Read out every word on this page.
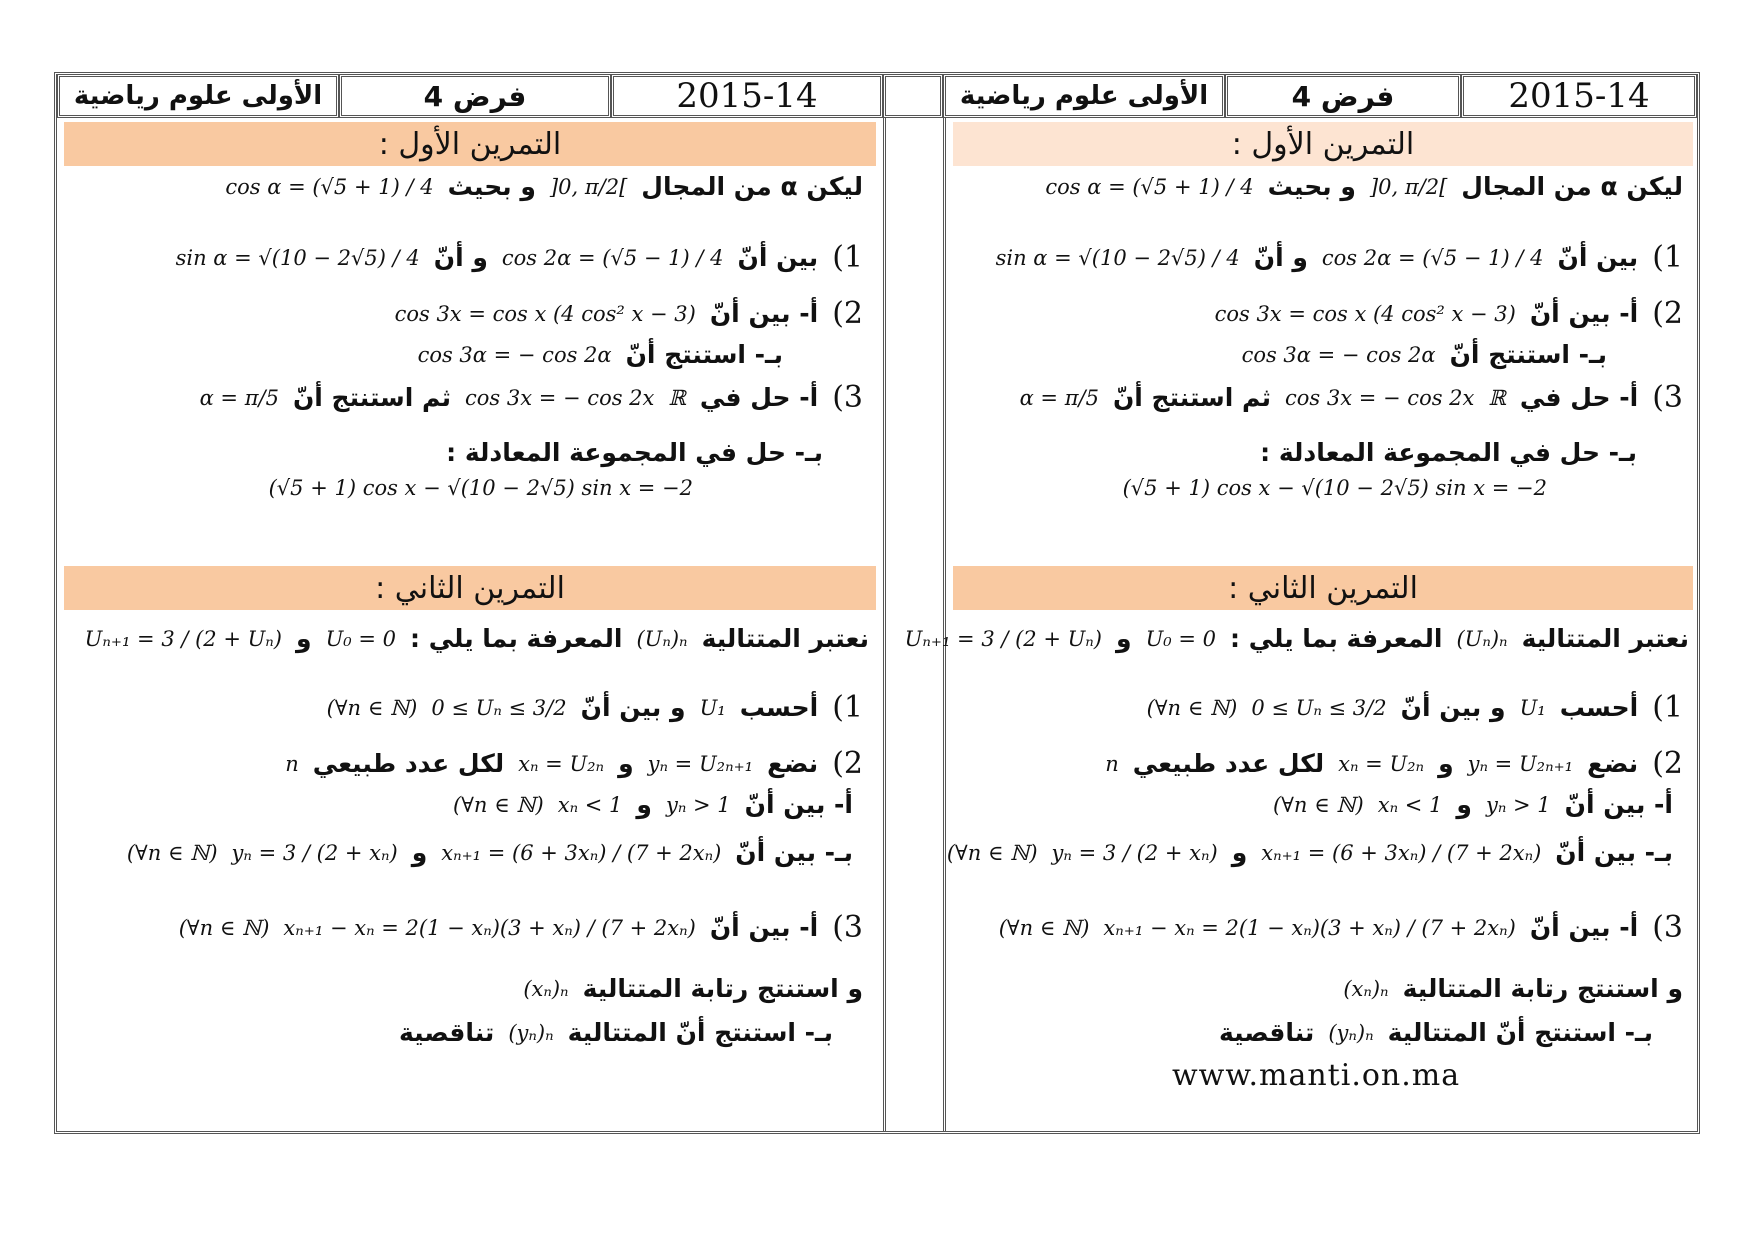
الأولى علوم رياضية	فرض 4	2015-14	الأولى علوم رياضية	فرض 4	2015-14
التمرين الأول :
ليكن α من المجال
]0, π/2[
و بحيث
cos α = (√5 + 1) / 4
1)
بين أنّ
cos 2α = (√5 − 1) / 4
و أنّ
sin α = √(10 − 2√5) / 4
2)
أ- بين أنّ
cos 3x = cos x (4 cos² x − 3)
بـ- استنتج أنّ
cos 3α = − cos 2α
3)
أ- حل في
ℝ
cos 3x = − cos 2x
ثم استنتج أنّ
α = π/5
بـ- حل في المجموعة المعادلة :
(√5 + 1) cos x − √(10 − 2√5) sin x = −2
التمرين الثاني :
نعتبر المتتالية
(Uₙ)ₙ
المعرفة بما يلي :
U₀ = 0
و
Uₙ₊₁ = 3 / (2 + Uₙ)
1)
أحسب
U₁
و بين أنّ
0 ≤ Uₙ ≤ 3/2
(∀n ∈ ℕ)
2)
نضع
yₙ = U₂ₙ₊₁
و
xₙ = U₂ₙ
لكل عدد طبيعي
n
أ- بين أنّ
yₙ > 1
و
xₙ < 1
(∀n ∈ ℕ)
بـ- بين أنّ
xₙ₊₁ = (6 + 3xₙ) / (7 + 2xₙ)
و
yₙ = 3 / (2 + xₙ)
(∀n ∈ ℕ)
3)
أ- بين أنّ
xₙ₊₁ − xₙ = 2(1 − xₙ)(3 + xₙ) / (7 + 2xₙ)
(∀n ∈ ℕ)
و استنتج رتابة المتتالية
(xₙ)ₙ
بـ- استنتج أنّ المتتالية
(yₙ)ₙ
تناقصية
التمرين الأول :
ليكن α من المجال
]0, π/2[
و بحيث
cos α = (√5 + 1) / 4
1)
بين أنّ
cos 2α = (√5 − 1) / 4
و أنّ
sin α = √(10 − 2√5) / 4
2)
أ- بين أنّ
cos 3x = cos x (4 cos² x − 3)
بـ- استنتج أنّ
cos 3α = − cos 2α
3)
أ- حل في
ℝ
cos 3x = − cos 2x
ثم استنتج أنّ
α = π/5
بـ- حل في المجموعة المعادلة :
(√5 + 1) cos x − √(10 − 2√5) sin x = −2
التمرين الثاني :
نعتبر المتتالية
(Uₙ)ₙ
المعرفة بما يلي :
U₀ = 0
و
Uₙ₊₁ = 3 / (2 + Uₙ)
1)
أحسب
U₁
و بين أنّ
0 ≤ Uₙ ≤ 3/2
(∀n ∈ ℕ)
2)
نضع
yₙ = U₂ₙ₊₁
و
xₙ = U₂ₙ
لكل عدد طبيعي
n
أ- بين أنّ
yₙ > 1
و
xₙ < 1
(∀n ∈ ℕ)
بـ- بين أنّ
xₙ₊₁ = (6 + 3xₙ) / (7 + 2xₙ)
و
yₙ = 3 / (2 + xₙ)
(∀n ∈ ℕ)
3)
أ- بين أنّ
xₙ₊₁ − xₙ = 2(1 − xₙ)(3 + xₙ) / (7 + 2xₙ)
(∀n ∈ ℕ)
و استنتج رتابة المتتالية
(xₙ)ₙ
بـ- استنتج أنّ المتتالية
(yₙ)ₙ
تناقصية
www.manti.on.ma
